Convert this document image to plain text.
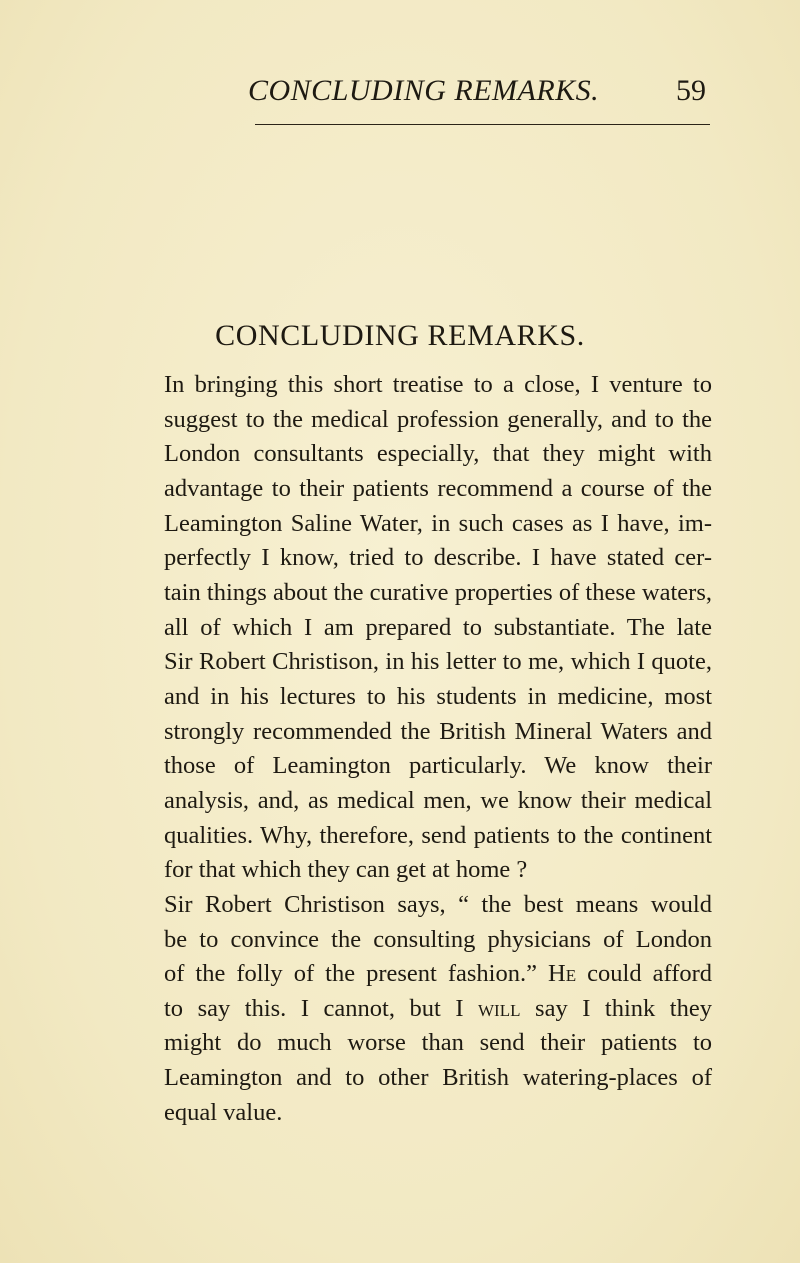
CONCLUDING REMARKS.	59
CONCLUDING REMARKS.
In bringing this short treatise to a close, I venture to
suggest to the medical profession generally, and to the
London consultants especially, that they might with
advantage to their patients recommend a course of the
Leamington Saline Water, in such cases as I have, im-
perfectly I know, tried to describe. I have stated cer-
tain things about the curative properties of these waters,
all of which I am prepared to substantiate. The late
Sir Robert Christison, in his letter to me, which I quote,
and in his lectures to his students in medicine, most
strongly recommended the British Mineral Waters and
those of Leamington particularly. We know their
analysis, and, as medical men, we know their medical
qualities. Why, therefore, send patients to the continent
for that which they can get at home ?
Sir Robert Christison says, “ the best means would
be to convince the consulting physicians of London
of the folly of the present fashion.” He could afford
to say this. I cannot, but I will say I think they
might do much worse than send their patients to
Leamington and to other British watering-places of
equal value.
